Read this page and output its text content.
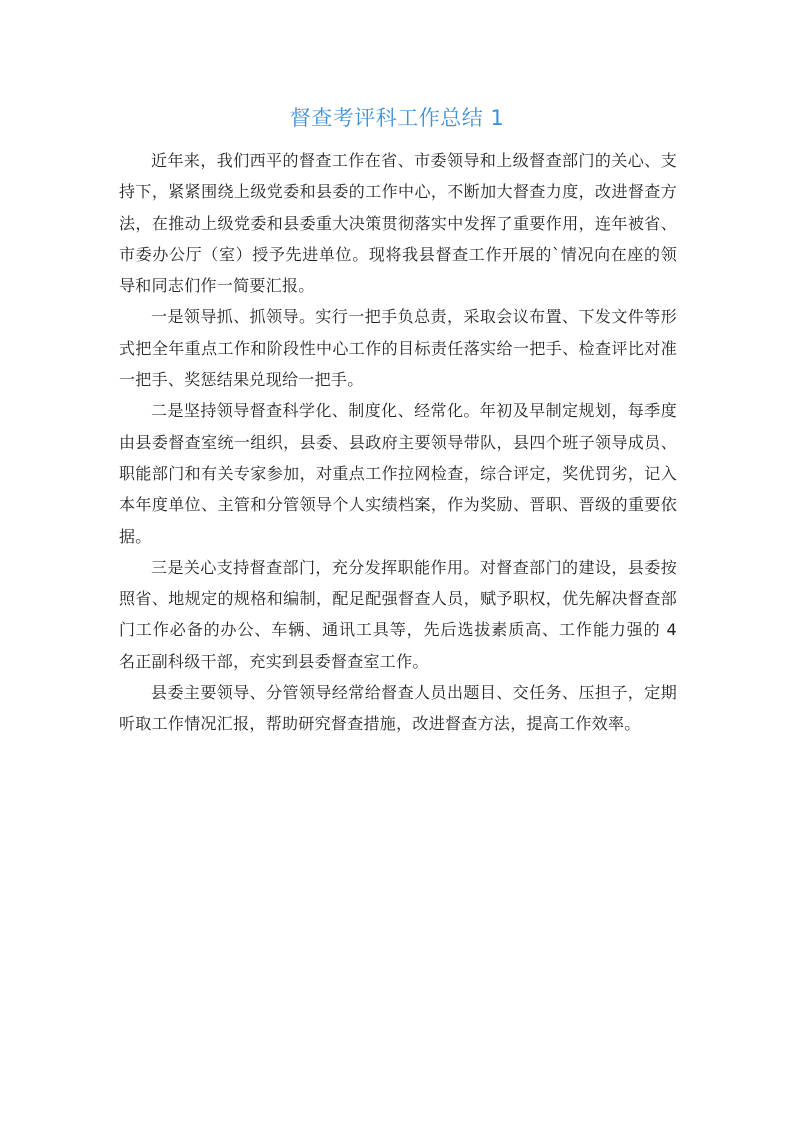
督查考评科工作总结 1

近年来，我们西平的督查工作在省、市委领导和上级督查部门的关心、支持下，紧紧围绕上级党委和县委的工作中心，不断加大督查力度，改进督查方法，在推动上级党委和县委重大决策贯彻落实中发挥了重要作用，连年被省、市委办公厅（室）授予先进单位。现将我县督查工作开展的`情况向在座的领导和同志们作一简要汇报。

一是领导抓、抓领导。实行一把手负总责，采取会议布置、下发文件等形式把全年重点工作和阶段性中心工作的目标责任落实给一把手、检查评比对准一把手、奖惩结果兑现给一把手。

二是坚持领导督查科学化、制度化、经常化。年初及早制定规划，每季度由县委督查室统一组织，县委、县政府主要领导带队，县四个班子领导成员、职能部门和有关专家参加，对重点工作拉网检查，综合评定，奖优罚劣，记入本年度单位、主管和分管领导个人实绩档案，作为奖励、晋职、晋级的重要依据。

三是关心支持督查部门，充分发挥职能作用。对督查部门的建设，县委按照省、地规定的规格和编制，配足配强督查人员，赋予职权，优先解决督查部门工作必备的办公、车辆、通讯工具等，先后选拔素质高、工作能力强的 4 名正副科级干部，充实到县委督查室工作。

县委主要领导、分管领导经常给督查人员出题目、交任务、压担子，定期听取工作情况汇报，帮助研究督查措施，改进督查方法，提高工作效率。
